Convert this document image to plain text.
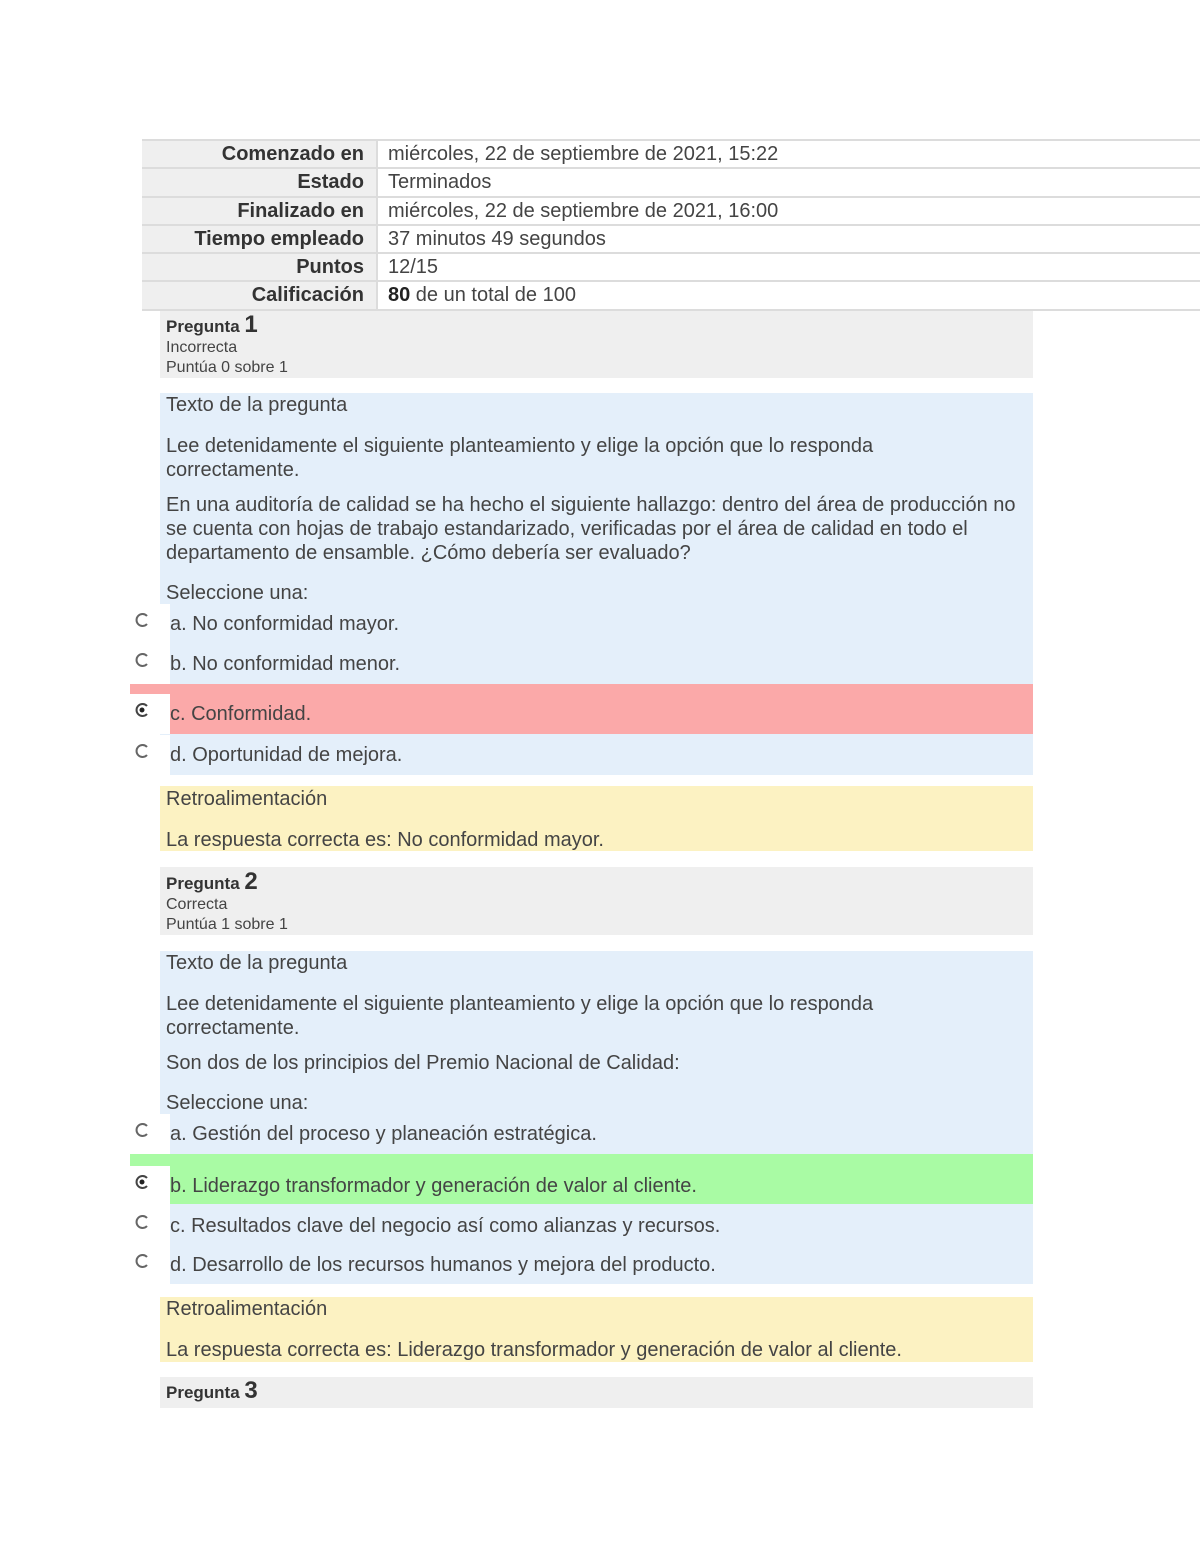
Comenzado en	miércoles, 22 de septiembre de 2021, 15:22
Estado	Terminados
Finalizado en	miércoles, 22 de septiembre de 2021, 16:00
Tiempo empleado	37 minutos 49 segundos
Puntos	12/15
Calificación	80 de un total de 100
Pregunta 1
Incorrecta
Puntúa 0 sobre 1
Texto de la pregunta
Lee detenidamente el siguiente planteamiento y elige la opción que lo responda correctamente.
En una auditoría de calidad se ha hecho el siguiente hallazgo: dentro del área de producción no se cuenta con hojas de trabajo estandarizado, verificadas por el área de calidad en todo el departamento de ensamble. ¿Cómo debería ser evaluado?
Seleccione una:
a. No conformidad mayor.
b. No conformidad menor.
c. Conformidad.
d. Oportunidad de mejora.
Retroalimentación
La respuesta correcta es: No conformidad mayor.
Pregunta 2
Correcta
Puntúa 1 sobre 1
Texto de la pregunta
Lee detenidamente el siguiente planteamiento y elige la opción que lo responda correctamente.
Son dos de los principios del Premio Nacional de Calidad:
Seleccione una:
a. Gestión del proceso y planeación estratégica.
b. Liderazgo transformador y generación de valor al cliente.
c. Resultados clave del negocio así como alianzas y recursos.
d. Desarrollo de los recursos humanos y mejora del producto.
Retroalimentación
La respuesta correcta es: Liderazgo transformador y generación de valor al cliente.
Pregunta 3
